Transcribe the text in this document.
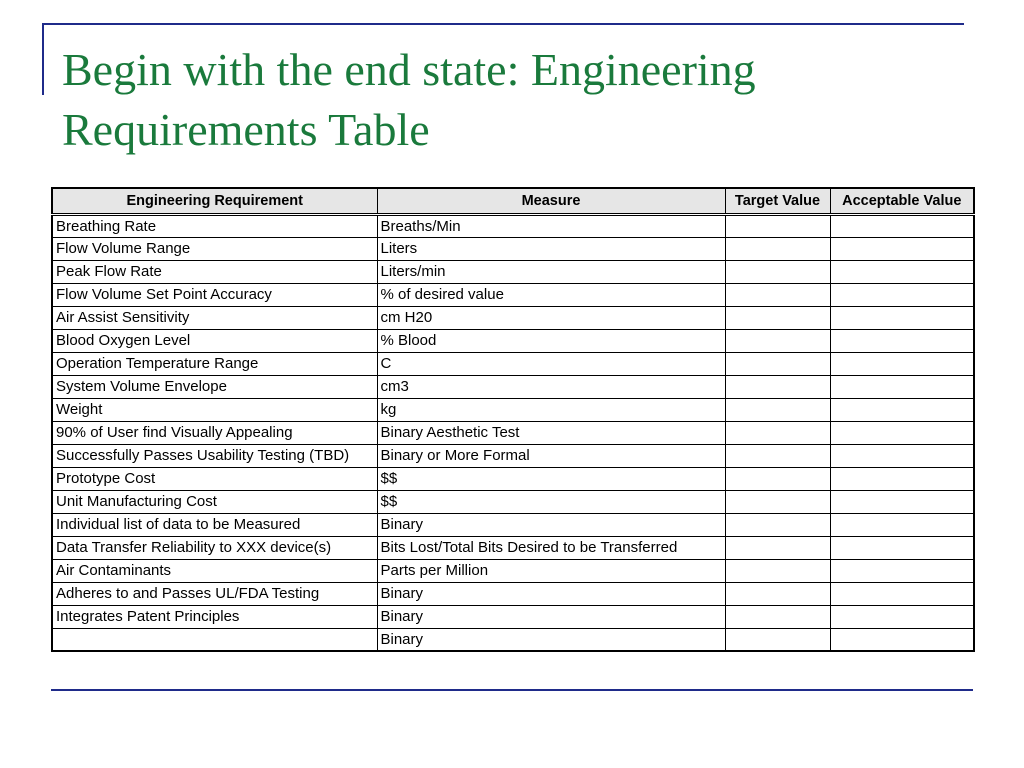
Begin with the end state: Engineering Requirements Table
Engineering Requirement	Measure	Target Value	Acceptable Value
Breathing Rate	Breaths/Min		
Flow Volume Range	Liters		
Peak Flow Rate	Liters/min		
Flow Volume Set Point Accuracy	% of desired value		
Air Assist Sensitivity	cm H20		
Blood Oxygen Level	% Blood		
Operation Temperature Range	C		
System Volume Envelope	cm3		
Weight	kg		
90% of User find Visually Appealing	Binary Aesthetic Test		
Successfully Passes Usability Testing (TBD)	Binary or More Formal		
Prototype Cost	$$		
Unit Manufacturing Cost	$$		
Individual list of data to be Measured	Binary		
Data Transfer Reliability to XXX device(s)	Bits Lost/Total Bits Desired to be Transferred		
Air Contaminants	Parts per Million		
Adheres to and Passes UL/FDA Testing	Binary		
Integrates Patent Principles	Binary		
	Binary		
